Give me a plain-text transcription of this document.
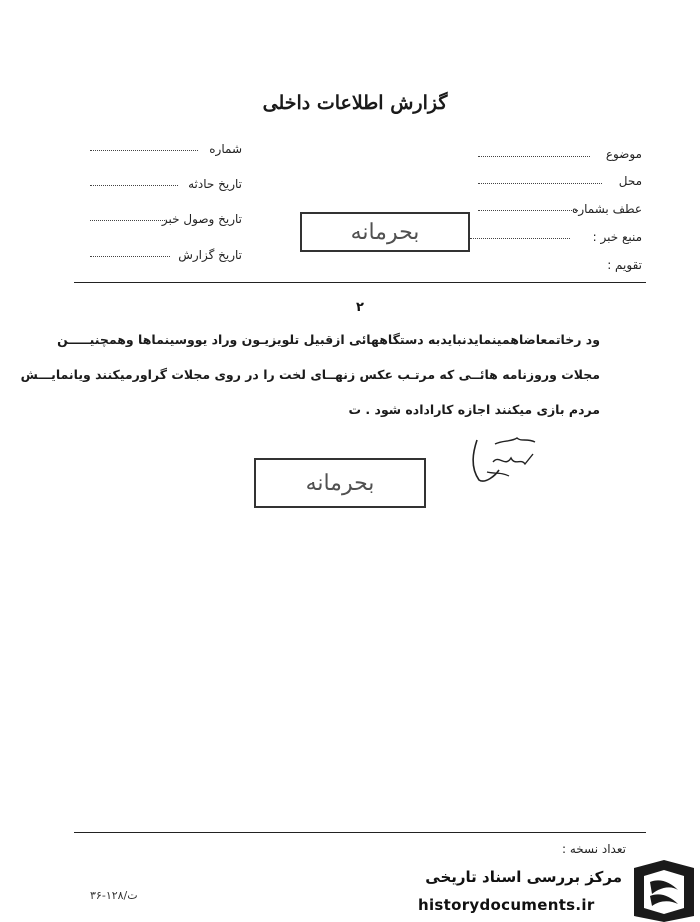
گزارش اطلاعات داخلی
موضوع
محل
عطف بشماره
منبع خبر :
تقویم :
شماره
تاریخ حادثه
تاریخ وصول خبر
تاریخ گزارش
بحرمانه
۲
ود رخاتمعاضاهمینمایدنبایدبه دستگاههائی ازقبیل تلویزیـون وراد یووسینماها وهمچنیـــــن
مجلات وروزنامه هائــی که مرتـب عکس زنهــای لخت را در روی مجلات گراورمیکنند ویانمایـــش
مردم بازی میکنند اجازه کاراداده شود . ت
بحرمانه
تعداد نسخه :
ت/۱۲۸-۳۶
مرکز بررسی اسناد تاریخی
historydocuments.ir
